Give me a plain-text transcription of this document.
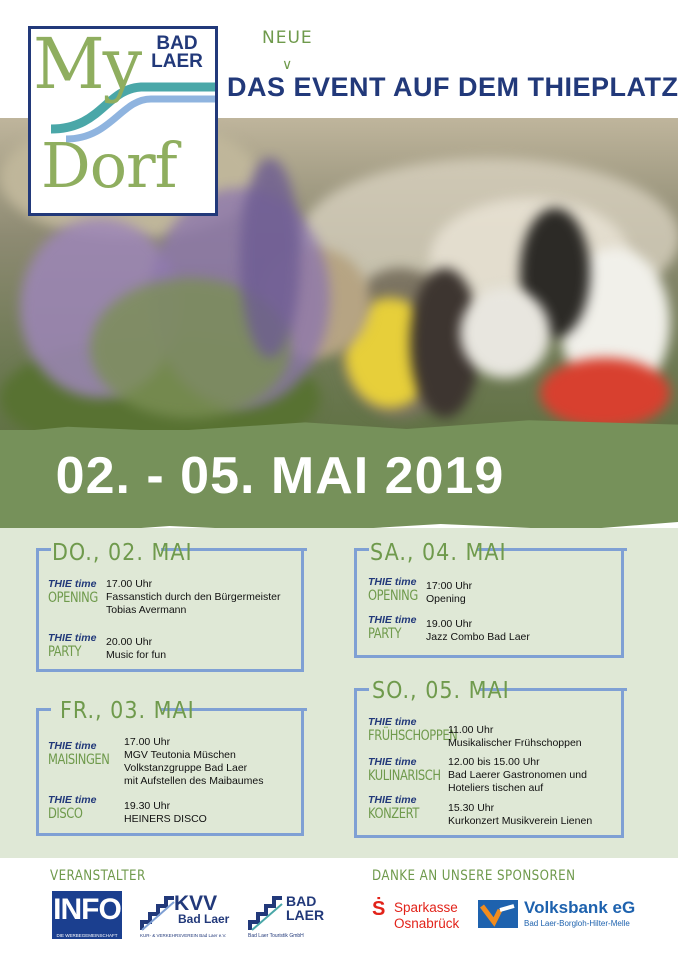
NEUE
∨
DAS EVENT AUF DEM THIEPLATZ
My
Dorf
BAD LAER
02. - 05. MAI 2019
DO., 02. MAI
THIE time
OPENING
17.00 Uhr
Fassanstich durch den Bürgermeister
Tobias Avermann
THIE time
PARTY
20.00 Uhr
Music for fun
SA., 04. MAI
THIE time
OPENING
17:00 Uhr
Opening
THIE time
PARTY
19.00 Uhr
Jazz Combo Bad Laer
FR., 03. MAI
THIE time
MAISINGEN
17.00 Uhr
MGV Teutonia Müschen
Volkstanzgruppe Bad Laer
mit Aufstellen des Maibaumes
THIE time
DISCO	19.30 Uhr
HEINERS DISCO
SO., 05. MAI
THIE time
FRÜHSCHOPPEN
11.00 Uhr
Musikalischer Frühschoppen
THIE time
KULINARISCH
12.00 bis 15.00 Uhr
Bad Laerer Gastronomen und
Hoteliers tischen auf
THIE time
KONZERT	15.30 Uhr
Kurkonzert Musikverein Lienen
VERANSTALTER	DANKE AN UNSERE SPONSOREN
INFO
DIE WERBEGEMEINSCHAFT
KVV
Bad Laer
KUR- & VERKEHRSVEREIN Bad Laer e.V.
BAD
LAER
Bad Laer Touristik GmbH
Ṡ Sparkasse
Osnabrück
Volksbank eG
Bad Laer-Borgloh-Hilter-Melle
